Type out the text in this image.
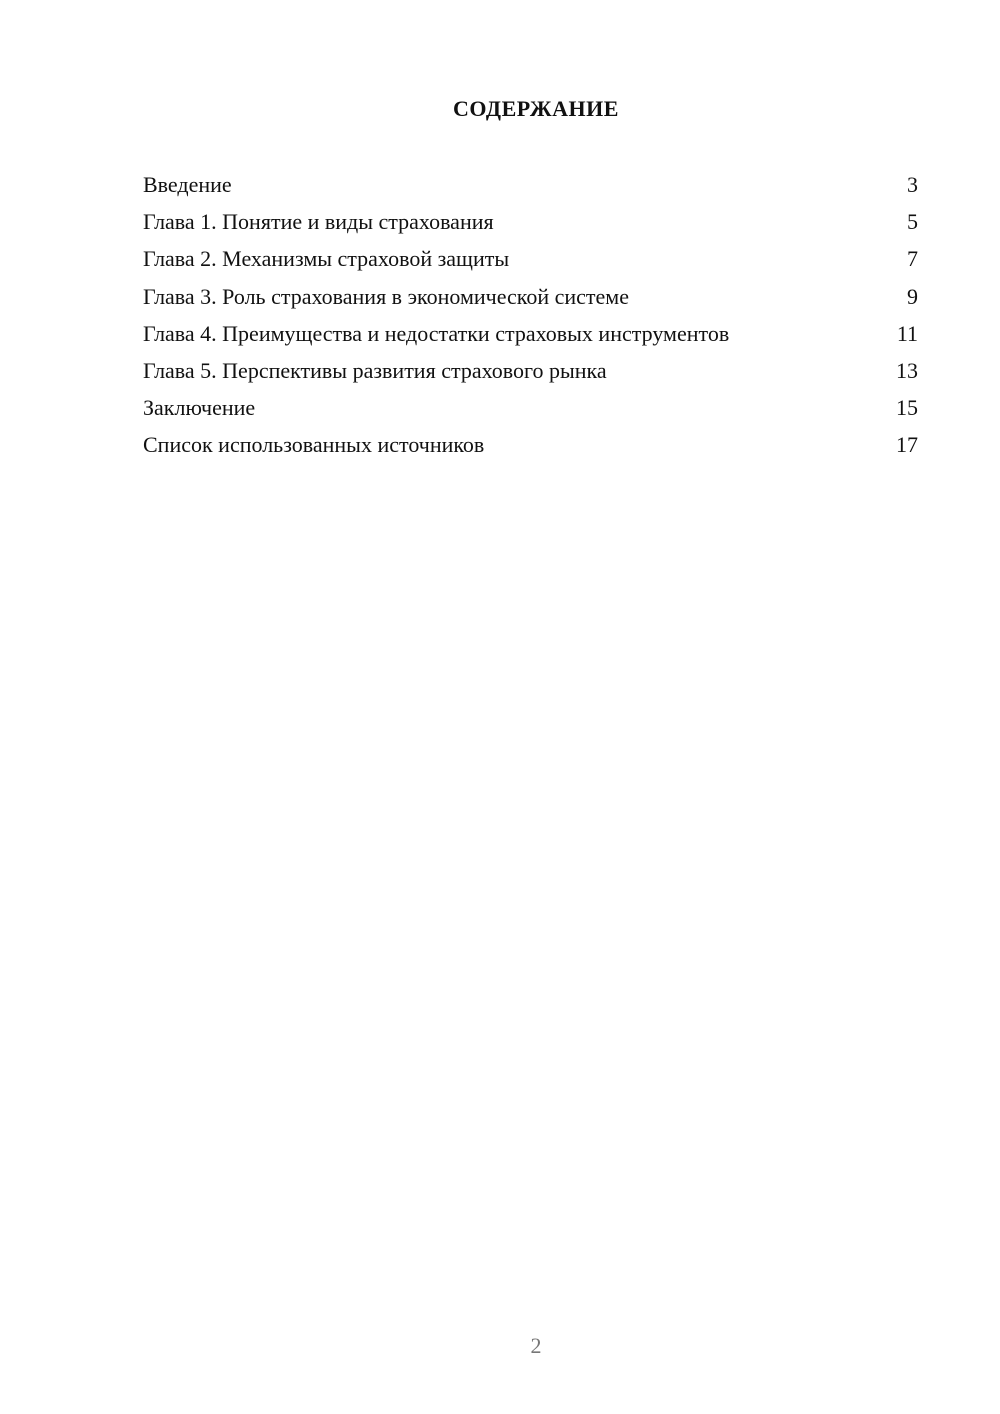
СОДЕРЖАНИЕ
Введение	3
Глава 1. Понятие и виды страхования	5
Глава 2. Механизмы страховой защиты	7
Глава 3. Роль страхования в экономической системе	9
Глава 4. Преимущества и недостатки страховых инструментов	11
Глава 5. Перспективы развития страхового рынка	13
Заключение	15
Список использованных источников	17
2
